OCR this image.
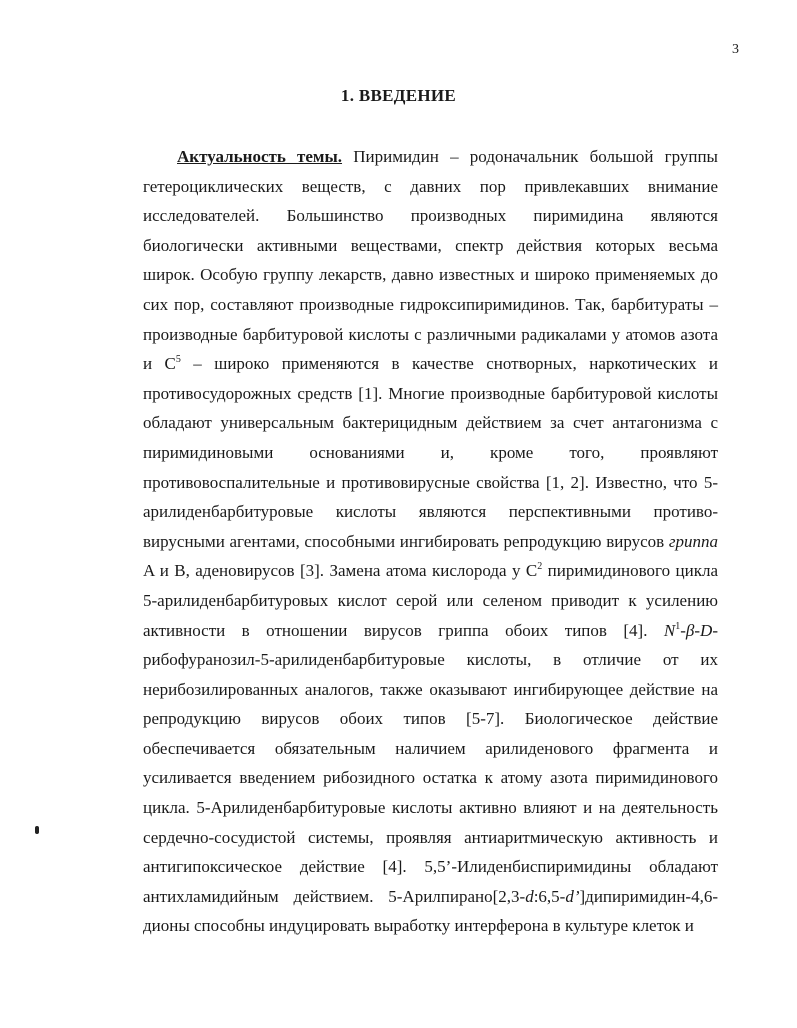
3
1. ВВЕДЕНИЕ

Актуальность темы. Пиримидин – родоначальник большой группы гетероциклических веществ, с давних пор привлекавших внимание исследователей. Большинство производных пиримидина являются биологически активными веществами, спектр действия которых весьма широк. Особую группу лекарств, давно известных и широко применяемых до сих пор, составляют производные гидроксипиримидинов. Так, барбитураты – производные барбитуровой кислоты с различными радикалами у атомов азота и $C^5$ – широко применяются в качестве снотворных, наркотических и противосудорожных средств [1]. Многие производные барбитуровой кислоты обладают универсальным бактерицидным действием за счет антагонизма с пиримидиновыми основаниями и, кроме того, проявляют противовоспалительные и противовирусные свойства [1, 2]. Известно, что 5-арилиденбарбитуровые кислоты являются перспективными противо-вирусными агентами, способными ингибировать репродукцию вирусов гриппа A и B, аденовирусов [3]. Замена атома кислорода у $C^2$ пиримидинового цикла 5-арилиденбарбитуровых кислот серой или селеном приводит к усилению активности в отношении вирусов гриппа обоих типов [4]. $N^1-\beta-D-$ рибофуранозил-5-арилиденбарбитуровые кислоты, в отличие от их нерибозилированных аналогов, также оказывают ингибирующее действие на репродукцию вирусов обоих типов [5-7]. Биологическое действие обеспечивается обязательным наличием арилиденового фрагмента и усиливается введением рибозидного остатка к атому азота пиримидинового цикла. 5-Арилиденбарбитуровые кислоты активно влияют и на деятельность сердечно-сосудистой системы, проявляя антиаритмическую активность и антигипоксическое действие [4]. 5,5’-Илиденбиспиримидины обладают антихламидийным действием. 5-Арилпирано[2,3-d:6,5-d’]дипиримидин-4,6-дионы способны индуцировать выработку интерферона в культуре клеток и
